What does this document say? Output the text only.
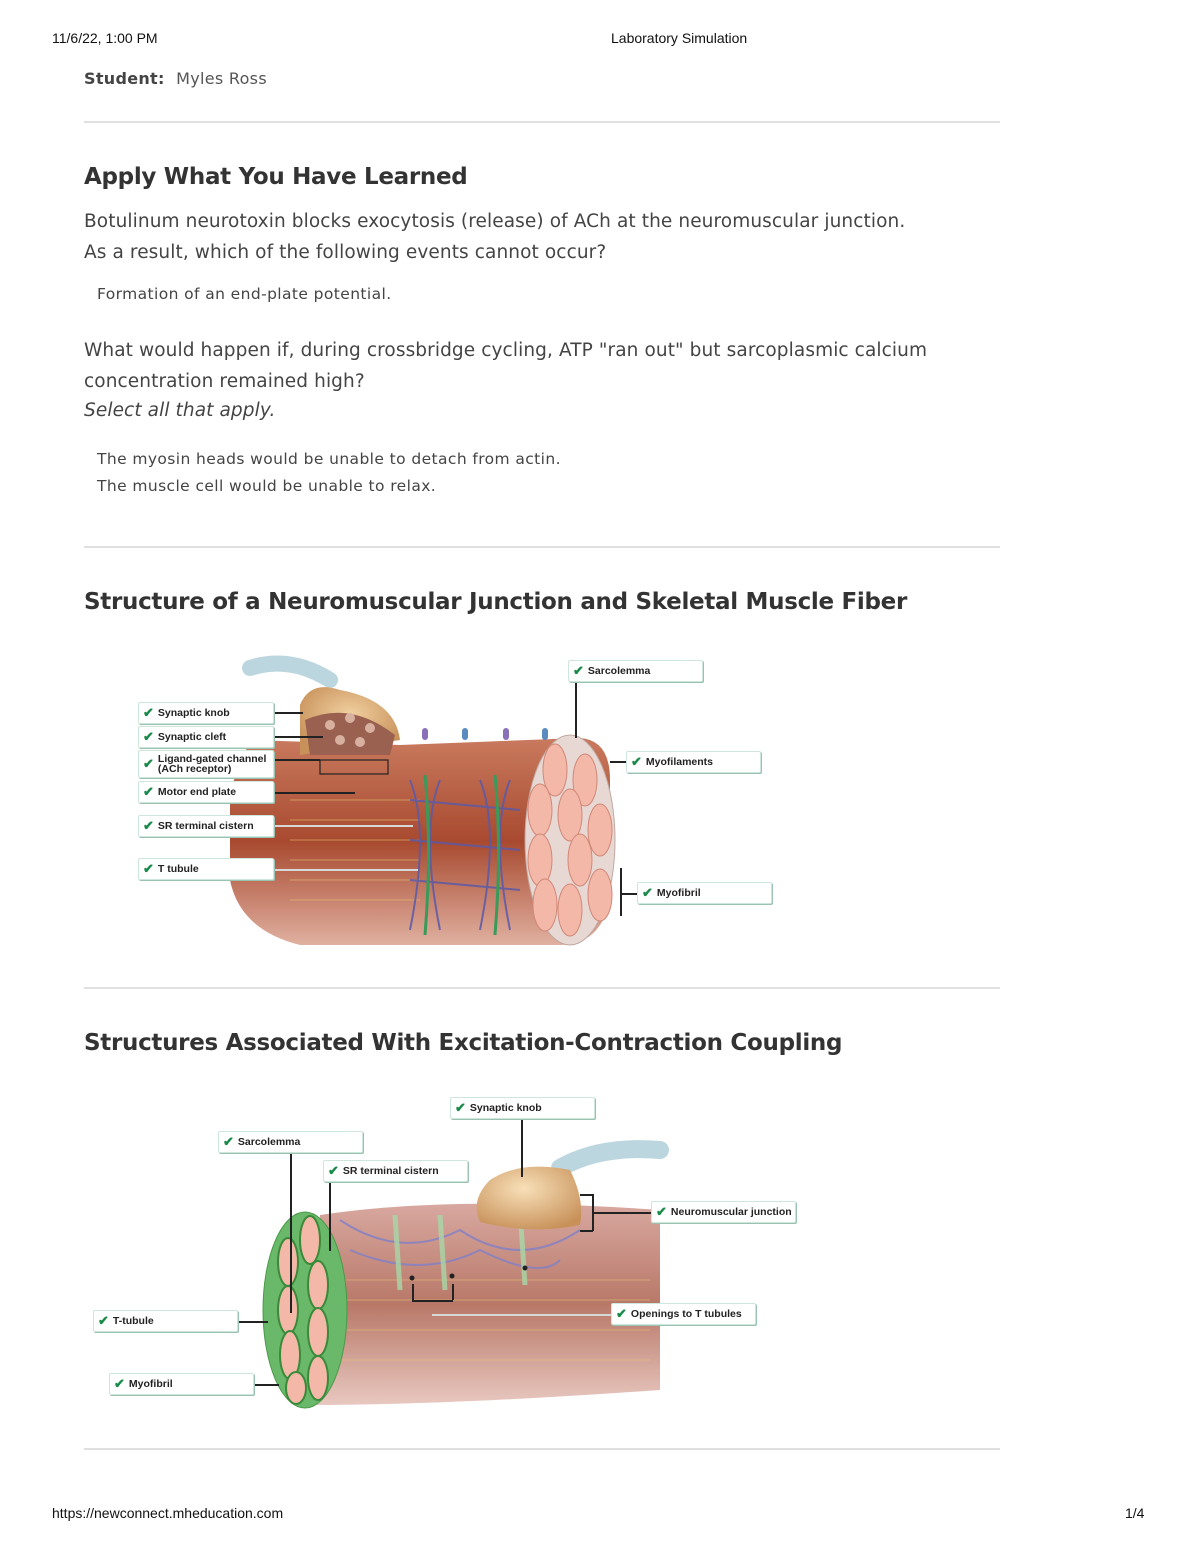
11/6/22, 1:00 PM	Laboratory Simulation
Student: Myles Ross
Apply What You Have Learned
Botulinum neurotoxin blocks exocytosis (release) of ACh at the neuromuscular junction.
As a result, which of the following events cannot occur?
Formation of an end-plate potential.
What would happen if, during crossbridge cycling, ATP "ran out" but sarcoplasmic calcium
concentration remained high?
Select all that apply.
The myosin heads would be unable to detach from actin.
The muscle cell would be unable to relax.
Structure of a Neuromuscular Junction and Skeletal Muscle Fiber
✔ Synaptic knob
✔ Synaptic cleft
✔ Ligand-gated channel
(ACh receptor)
✔ Motor end plate
✔ SR terminal cistern
✔ T tubule
✔ Sarcolemma
✔ Myofilaments
✔ Myofibril
Structures Associated With Excitation-Contraction Coupling
✔ Synaptic knob
✔ Sarcolemma
✔ SR terminal cistern
✔ Neuromuscular junction
✔ Openings to T tubules
✔ T-tubule
✔ Myofibril
https://newconnect.mheducation.com	1/4
